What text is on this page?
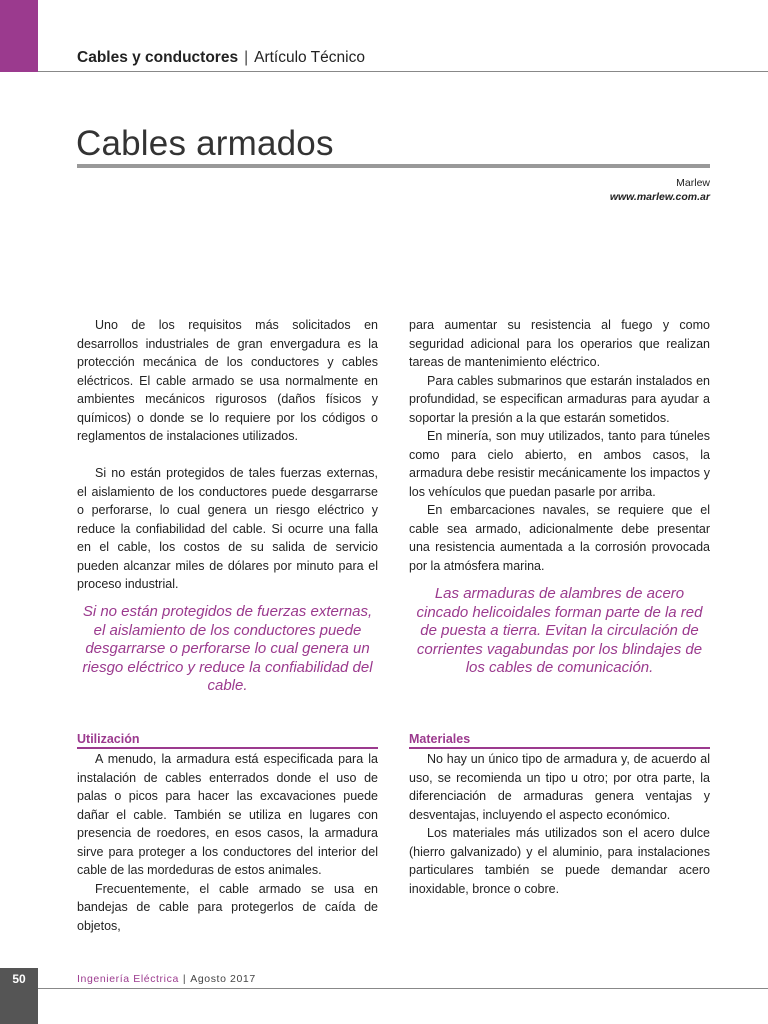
Cables y conductores | Artículo Técnico
Cables armados
Marlew
www.marlew.com.ar

Uno de los requisitos más solicitados en desarrollos industriales de gran envergadura es la protección mecánica de los conductores y cables eléctricos. El cable armado se usa normalmente en ambientes mecánicos rigurosos (daños físicos y químicos) o donde se lo requiere por los códigos o reglamentos de instalaciones utilizados.

Si no están protegidos de tales fuerzas externas, el aislamiento de los conductores puede desgarrarse o perforarse, lo cual genera un riesgo eléctrico y reduce la confiabilidad del cable. Si ocurre una falla en el cable, los costos de su salida de servicio pueden alcanzar miles de dólares por minuto para el proceso industrial.

Si no están protegidos de fuerzas externas, el aislamiento de los conductores puede desgarrarse o perforarse lo cual genera un riesgo eléctrico y reduce la confiabilidad del cable.

para aumentar su resistencia al fuego y como seguridad adicional para los operarios que realizan tareas de mantenimiento eléctrico.

Para cables submarinos que estarán instalados en profundidad, se especifican armaduras para ayudar a soportar la presión a la que estarán sometidos.

En minería, son muy utilizados, tanto para túneles como para cielo abierto, en ambos casos, la armadura debe resistir mecánicamente los impactos y los vehículos que puedan pasarle por arriba.

En embarcaciones navales, se requiere que el cable sea armado, adicionalmente debe presentar una resistencia aumentada a la corrosión provocada por la atmósfera marina.

Las armaduras de alambres de acero cincado helicoidales forman parte de la red de puesta a tierra. Evitan la circulación de corrientes vagabundas por los blindajes de los cables de comunicación.

Utilización

A menudo, la armadura está especificada para la instalación de cables enterrados donde el uso de palas o picos para hacer las excavaciones puede dañar el cable. También se utiliza en lugares con presencia de roedores, en esos casos, la armadura sirve para proteger a los conductores del interior del cable de las mordeduras de estos animales.

Frecuentemente, el cable armado se usa en bandejas de cable para protegerlos de caída de objetos,

Materiales

No hay un único tipo de armadura y, de acuerdo al uso, se recomienda un tipo u otro; por otra parte, la diferenciación de armaduras genera ventajas y desventajas, incluyendo el aspecto económico.

Los materiales más utilizados son el acero dulce (hierro galvanizado) y el aluminio, para instalaciones particulares también se puede demandar acero inoxidable, bronce o cobre.

50	Ingeniería Eléctrica | Agosto 2017
